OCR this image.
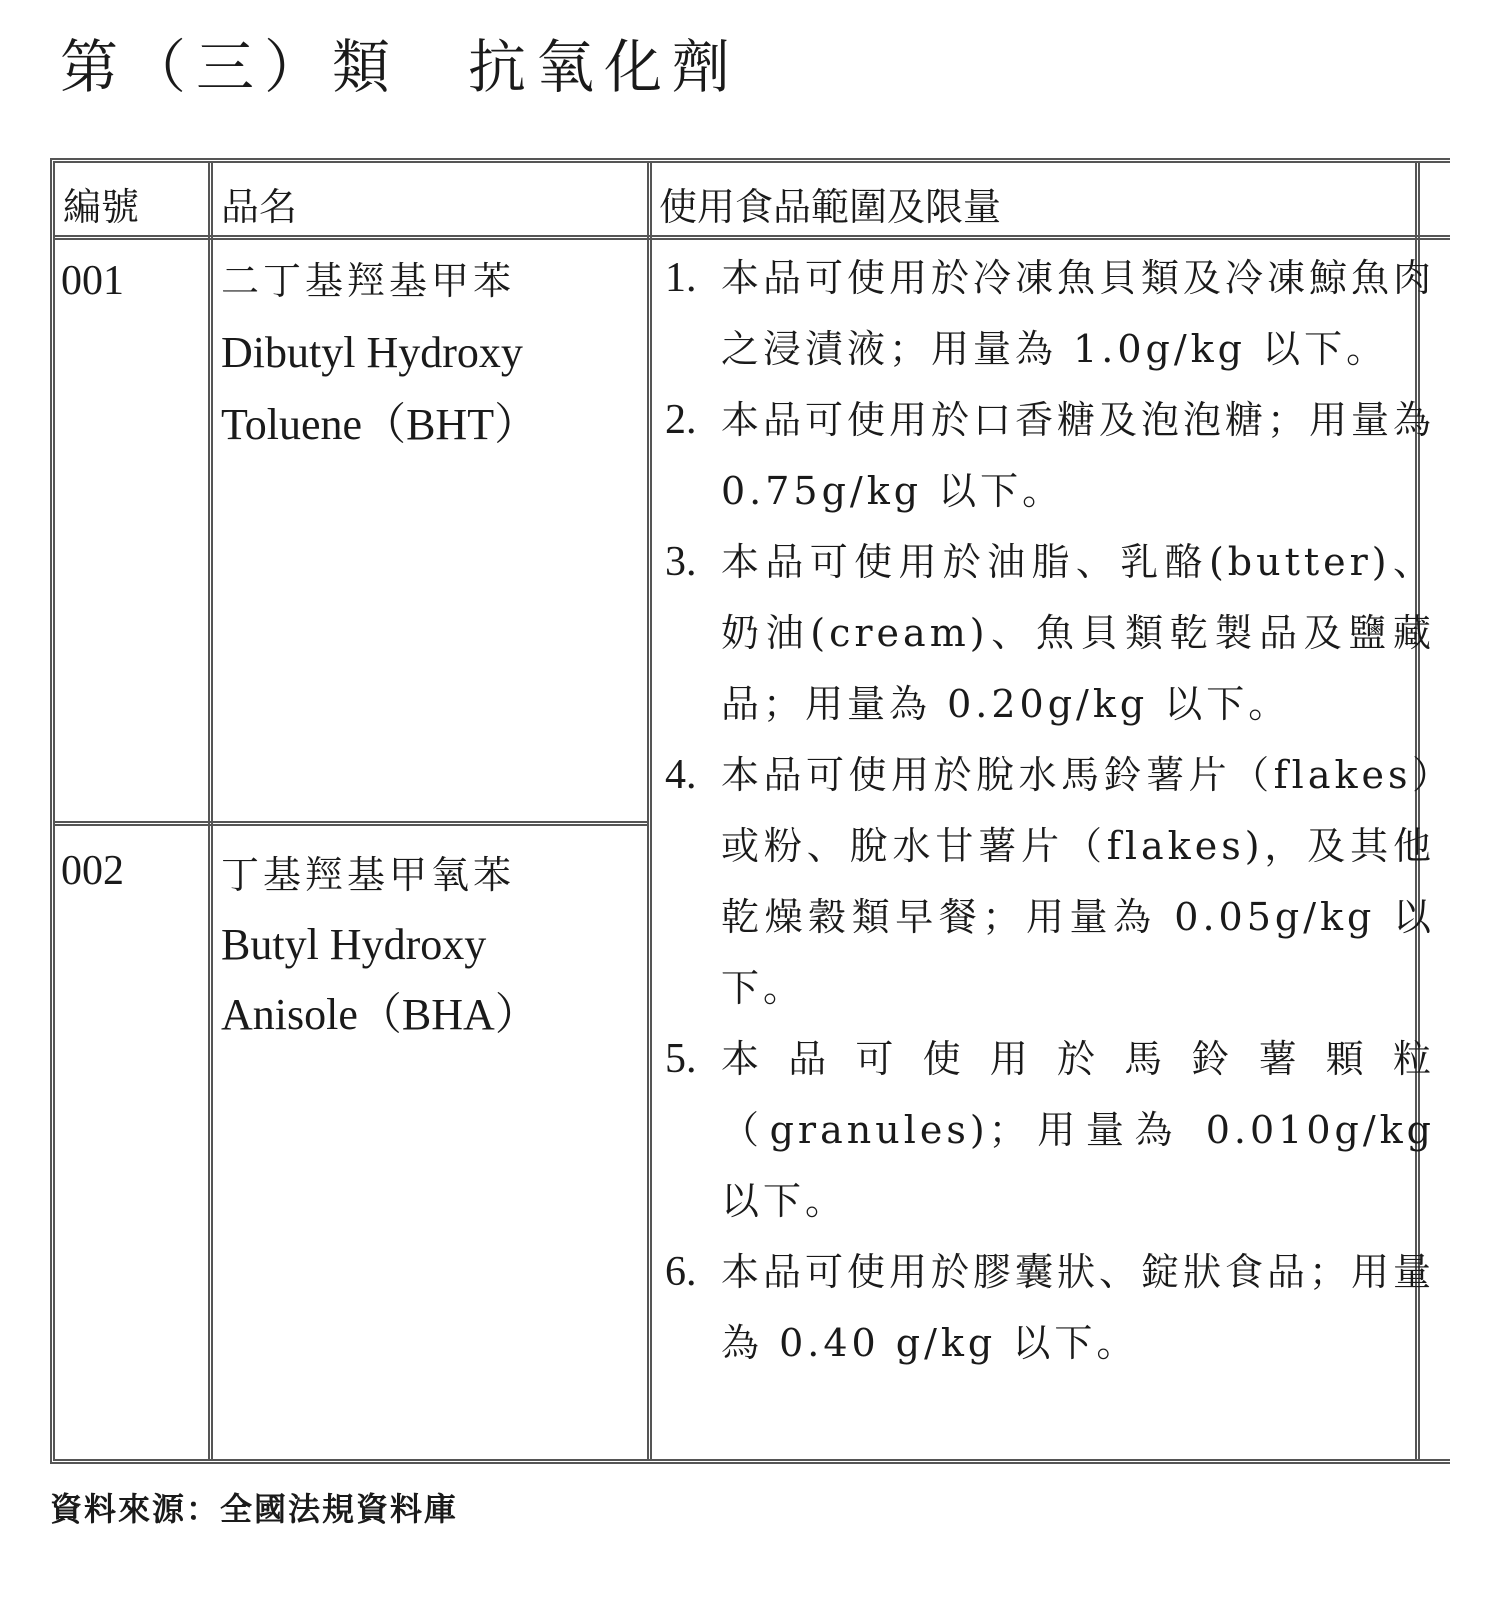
第（三）類　抗氧化劑
編號 品名	使用食品範圍及限量
001	二丁基羥基甲苯
Dibutyl Hydroxy
Toluene（BHT）
002	丁基羥基甲氧苯
Butyl Hydroxy
Anisole（BHA）
1. 本品可使用於冷凍魚貝類及冷凍鯨魚肉之浸漬液；用量為 1.0g/kg 以下。
2. 本品可使用於口香糖及泡泡糖；用量為 0.75g/kg 以下。
3. 本品可使用於油脂、乳酪(butter)、奶油(cream)、魚貝類乾製品及鹽藏品；用量為 0.20g/kg 以下。
4. 本品可使用於脫水馬鈴薯片（flakes）或粉、脫水甘薯片（flakes)，及其他乾燥穀類早餐；用量為 0.05g/kg 以下。
5. 本品可使用於馬鈴薯顆粒（granules)；用量為 0.010g/kg 以下。
6. 本品可使用於膠囊狀、錠狀食品；用量為 0.40 g/kg 以下。
資料來源：全國法規資料庫
